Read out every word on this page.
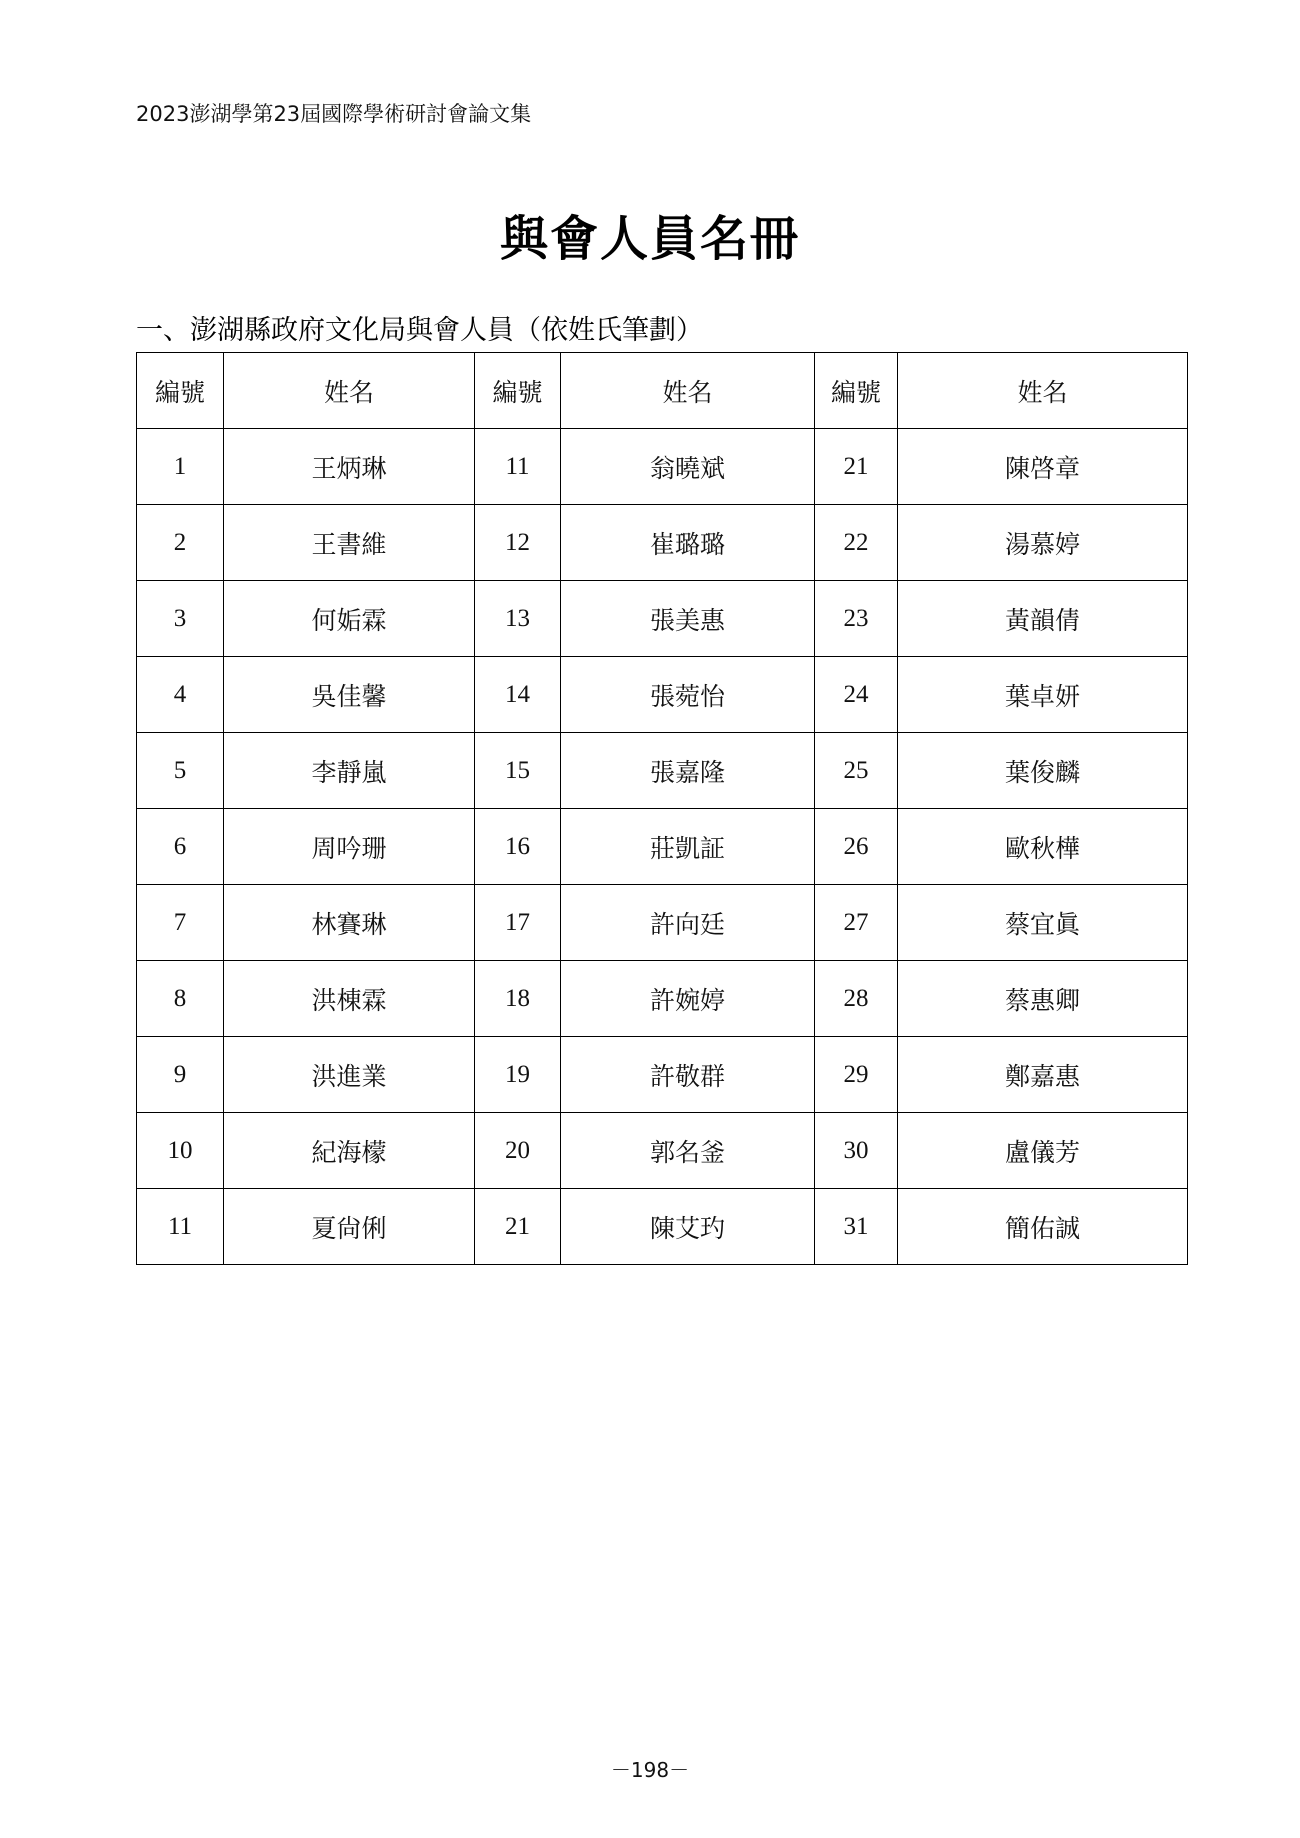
2023澎湖學第23屆國際學術研討會論文集
與會人員名冊
一、澎湖縣政府文化局與會人員（依姓氏筆劃）
編號	姓名	編號	姓名	編號	姓名
1	王炳琳	11	翁曉斌	21	陳啓章
2	王書維	12	崔璐璐	22	湯慕婷
3	何姤霖	13	張美惠	23	黃韻倩
4	吳佳馨	14	張菀怡	24	葉卓妍
5	李靜嵐	15	張嘉隆	25	葉俊麟
6	周吟珊	16	莊凱証	26	歐秋樺
7	林賽琳	17	許向廷	27	蔡宜眞
8	洪棟霖	18	許婉婷	28	蔡惠卿
9	洪進業	19	許敬群	29	鄭嘉惠
10	紀海檬	20	郭名釜	30	盧儀芳
11	夏尙俐	21	陳艾玓	31	簡佑誠
－198－
